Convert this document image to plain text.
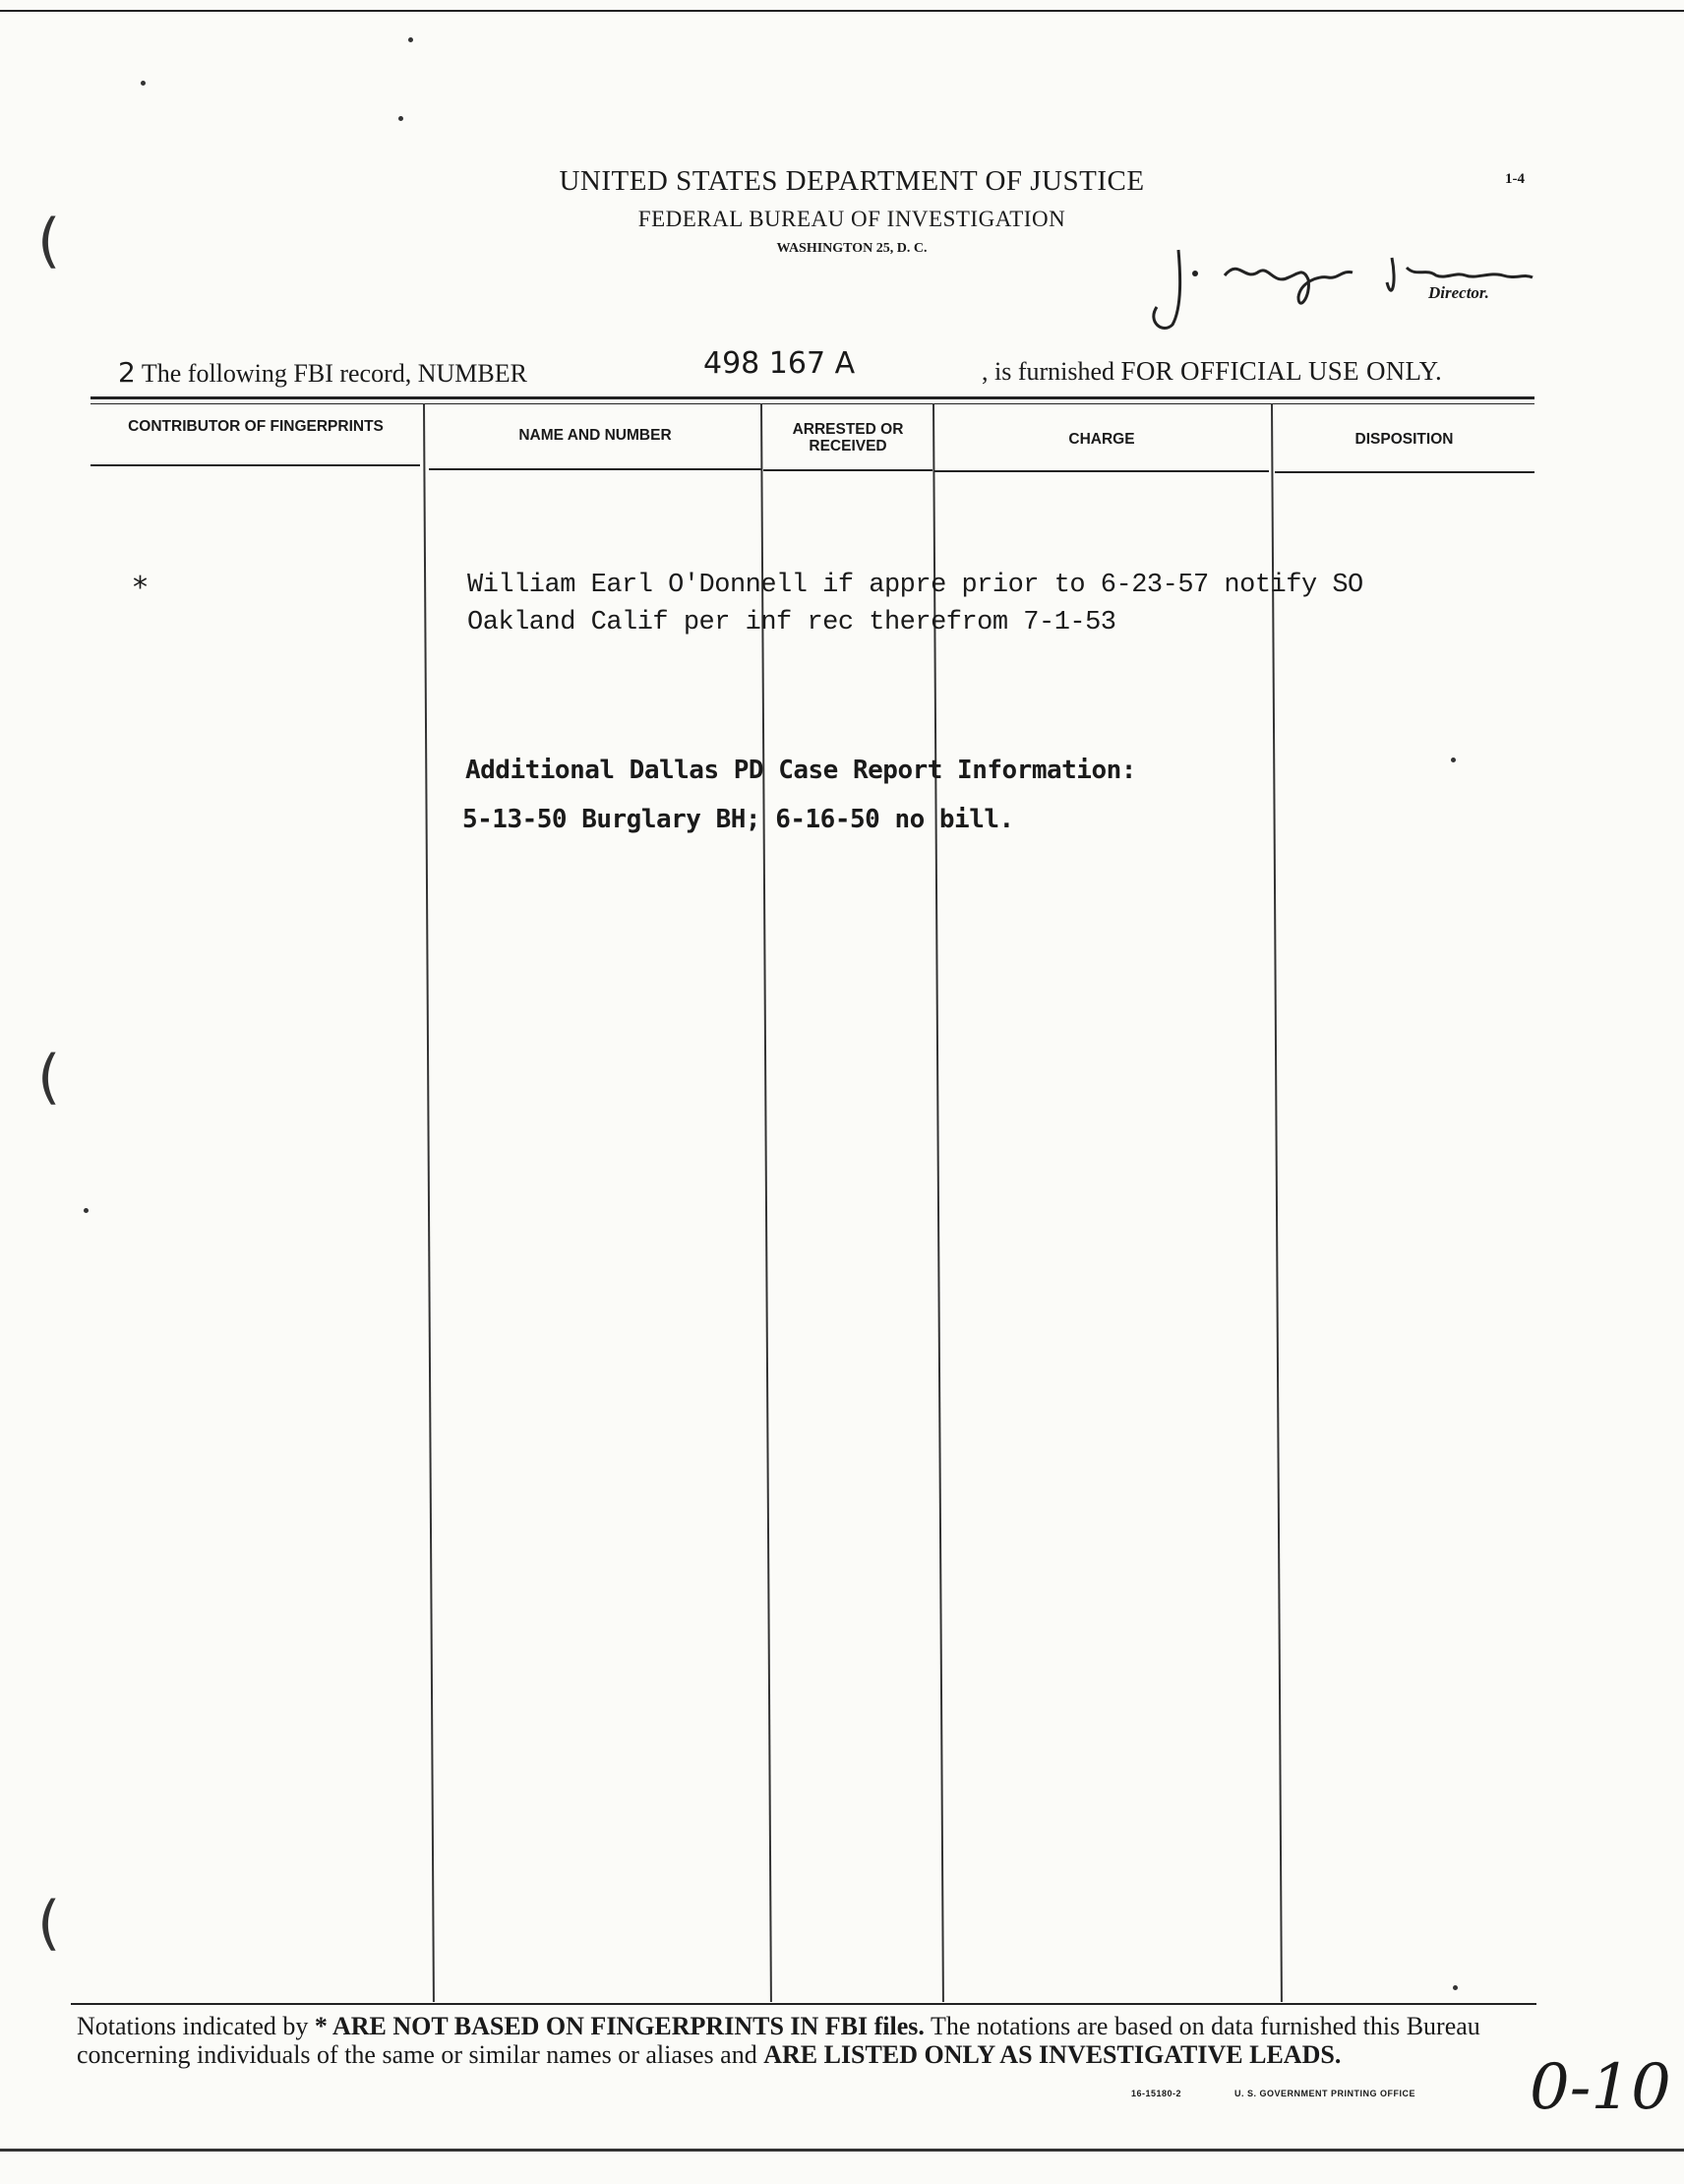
(
(
(
UNITED STATES DEPARTMENT OF JUSTICE
FEDERAL BUREAU OF INVESTIGATION
WASHINGTON 25, D. C.
1-4
Director.
2 The following FBI record, NUMBER	498 167 A	, is furnished FOR OFFICIAL USE ONLY.
CONTRIBUTOR OF FINGERPRINTS
NAME AND NUMBER	ARRESTED OR RECEIVED	CHARGE	DISPOSITION
*	William Earl O'Donnell if appre prior to 6-23-57 notify SO
Oakland Calif per inf rec therefrom 7-1-53
Additional Dallas PD Case Report Information:
5-13-50 Burglary BH; 6-16-50 no bill.
Notations indicated by * ARE NOT BASED ON FINGERPRINTS IN FBI files. The notations are based on data furnished this Bureau concerning individuals of the same or similar names or aliases and ARE LISTED ONLY AS INVESTIGATIVE LEADS.
16-15180-2	U. S. GOVERNMENT PRINTING OFFICE 0-10
